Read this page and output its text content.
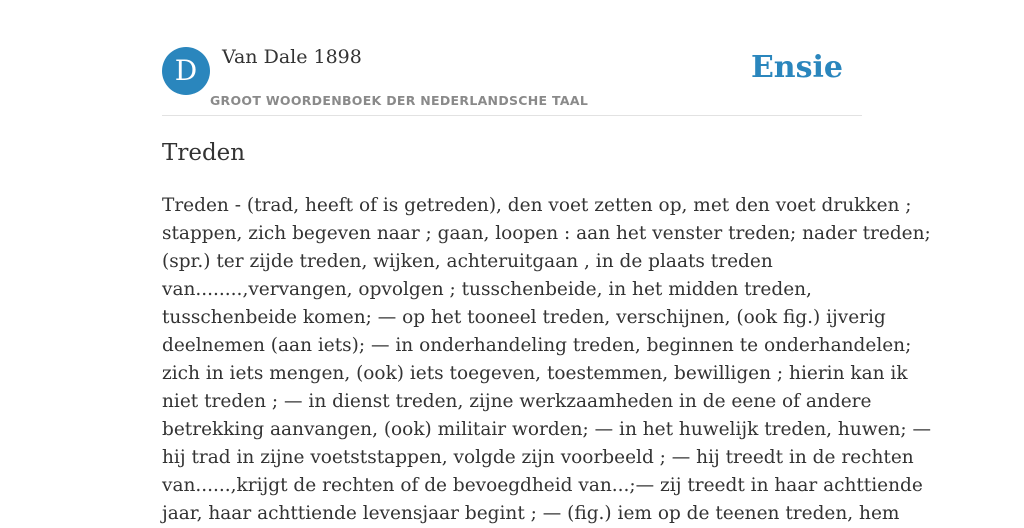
D	Van Dale 1898
GROOT WOORDENBOEK DER NEDERLANDSCHE TAAL
Ensie
Treden
Treden - (trad, heeft of is getreden), den voet zetten op, met den voet drukken ;
stappen, zich begeven naar ; gaan, loopen : aan het venster treden; nader treden;
(spr.) ter zijde treden, wijken, achteruitgaan , in de plaats treden
van........,vervangen, opvolgen ; tusschenbeide, in het midden treden,
tusschenbeide komen; — op het tooneel treden, verschijnen, (ook fig.) ijverig
deelnemen (aan iets); — in onderhandeling treden, beginnen te onderhandelen;
zich in iets mengen, (ook) iets toegeven, toestemmen, bewilligen ; hierin kan ik
niet treden ; — in dienst treden, zijne werkzaamheden in de eene of andere
betrekking aanvangen, (ook) militair worden; — in het huwelijk treden, huwen; —
hij trad in zijne voetststappen, volgde zijn voorbeeld ; — hij treedt in de rechten
van......,krijgt de rechten of de bevoegdheid van...;— zij treedt in haar achttiende
jaar, haar achttiende levensjaar begint ; — (fig.) iem op de teenen treden, hem
